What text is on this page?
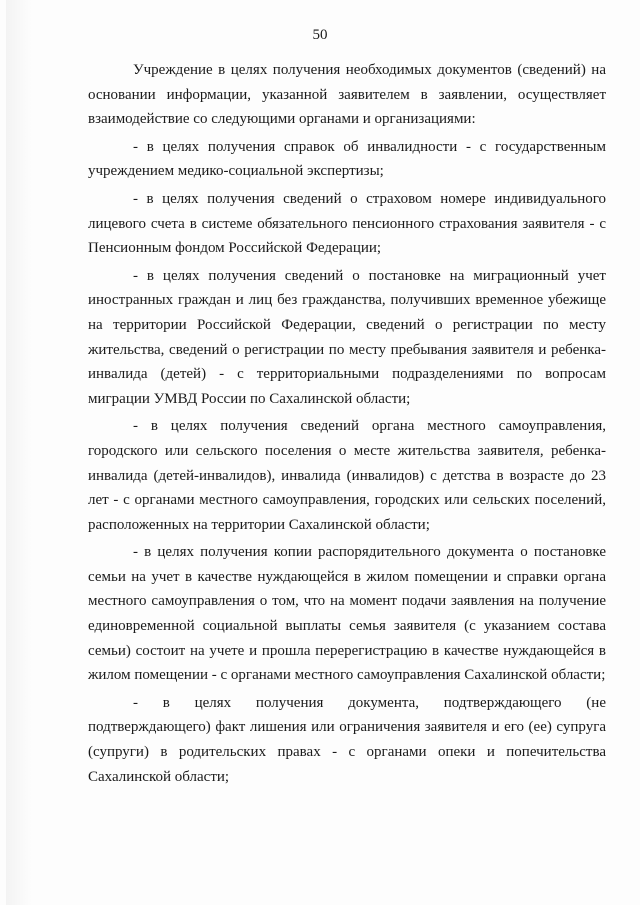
50

Учреждение в целях получения необходимых документов (сведений) на основании информации, указанной заявителем в заявлении, осуществляет взаимодействие со следующими органами и организациями:

- в целях получения справок об инвалидности - с государственным учреждением медико-социальной экспертизы;

- в целях получения сведений о страховом номере индивидуального лицевого счета в системе обязательного пенсионного страхования заявителя - с Пенсионным фондом Российской Федерации;

- в целях получения сведений о постановке на миграционный учет иностранных граждан и лиц без гражданства, получивших временное убежище на территории Российской Федерации, сведений о регистрации по месту жительства, сведений о регистрации по месту пребывания заявителя и ребенка-инвалида (детей) - с территориальными подразделениями по вопросам миграции УМВД России по Сахалинской области;

- в целях получения сведений органа местного самоуправления, городского или сельского поселения о месте жительства заявителя, ребенка-инвалида (детей-инвалидов), инвалида (инвалидов) с детства в возрасте до 23 лет - с органами местного самоуправления, городских или сельских поселений, расположенных на территории Сахалинской области;

- в целях получения копии распорядительного документа о постановке семьи на учет в качестве нуждающейся в жилом помещении и справки органа местного самоуправления о том, что на момент подачи заявления на получение единовременной социальной выплаты семья заявителя (с указанием состава семьи) состоит на учете и прошла перерегистрацию в качестве нуждающейся в жилом помещении - с органами местного самоуправления Сахалинской области;

- в целях получения документа, подтверждающего (не подтверждающего) факт лишения или ограничения заявителя и его (ее) супруга (супруги) в родительских правах - с органами опеки и попечительства Сахалинской области;
